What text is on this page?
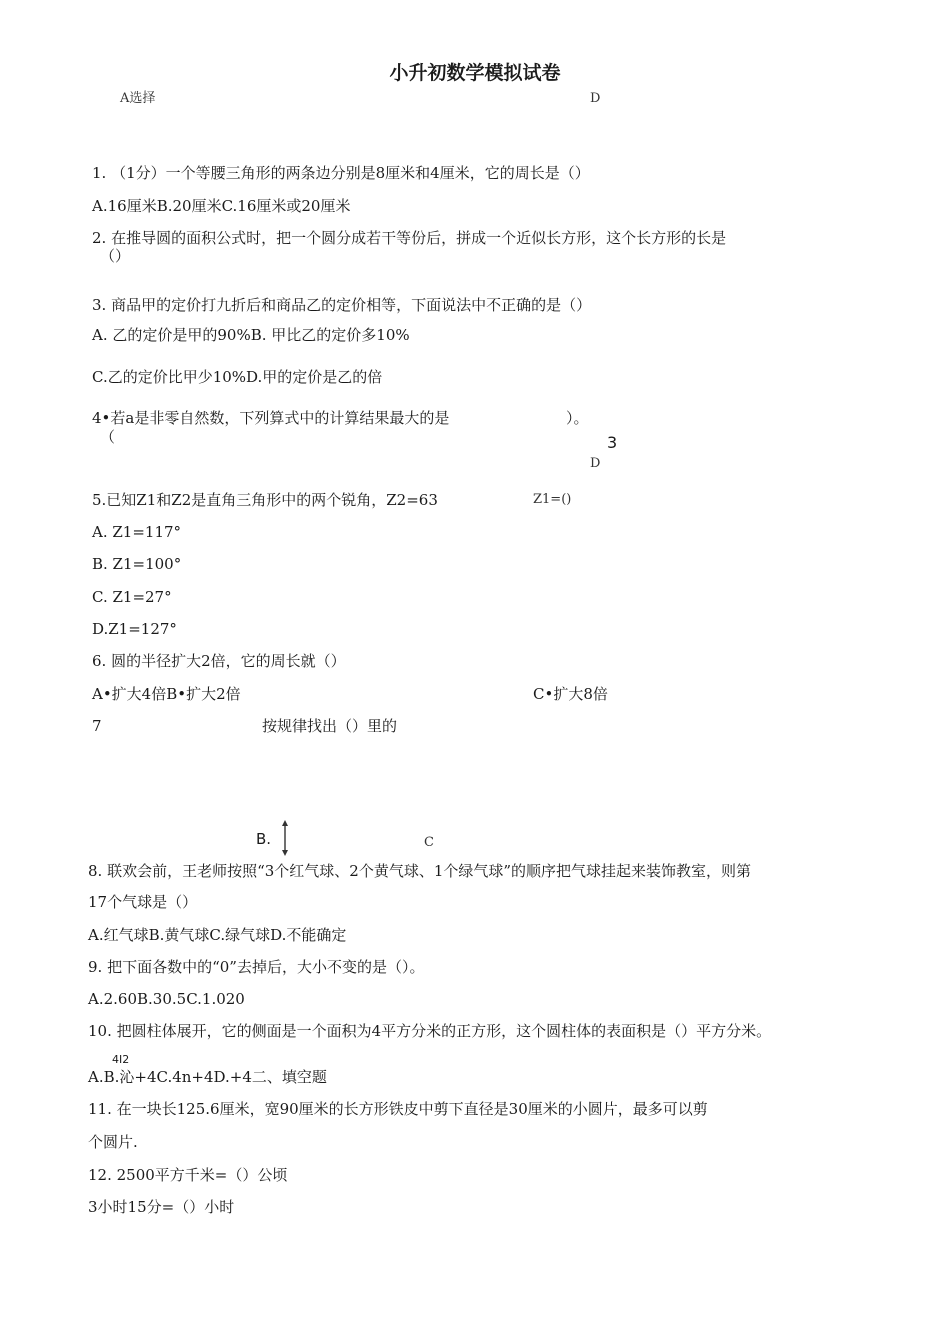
小升初数学模拟试卷
A选择	D
1. （1分）一个等腰三角形的两条边分别是8厘米和4厘米，它的周长是（）
A.16厘米B.20厘米C.16厘米或20厘米
2. 在推导圆的面积公式时，把一个圆分成若干等份后，拼成一个近似长方形，这个长方形的长是
（）
3. 商品甲的定价打九折后和商品乙的定价相等，下面说法中不正确的是（）
A. 乙的定价是甲的90%B. 甲比乙的定价多10%
C.乙的定价比甲少10%D.甲的定价是乙的倍
4•若a是非零自然数，下列算式中的计算结果最大的是	）。
（	3
D
5.已知Z1和Z2是直角三角形中的两个锐角，Z2=63	Z1=()
A. Z1=117°
B. Z1=100°
C. Z1=27°
D.Z1=127°
6. 圆的半径扩大2倍，它的周长就（）
A•扩大4倍B•扩大2倍	C•扩大8倍
7	按规律找出（）里的
B.	C
8. 联欢会前，王老师按照“3个红气球、2个黄气球、1个绿气球”的顺序把气球挂起来装饰教室，则第
17个气球是（）
A.红气球B.黄气球C.绿气球D.不能确定
9. 把下面各数中的“0”去掉后，大小不变的是（）。
A.2.60B.30.5C.1.020
10. 把圆柱体展开，它的侧面是一个面积为4平方分米的正方形，这个圆柱体的表面积是（）平方分米。
4I2
A.B.沁+4C.4n+4D.+4二、填空题
11. 在一块长125.6厘米，宽90厘米的长方形铁皮中剪下直径是30厘米的小圆片，最多可以剪
个圆片.
12. 2500平方千米=（）公顷
3小时15分=（）小时
